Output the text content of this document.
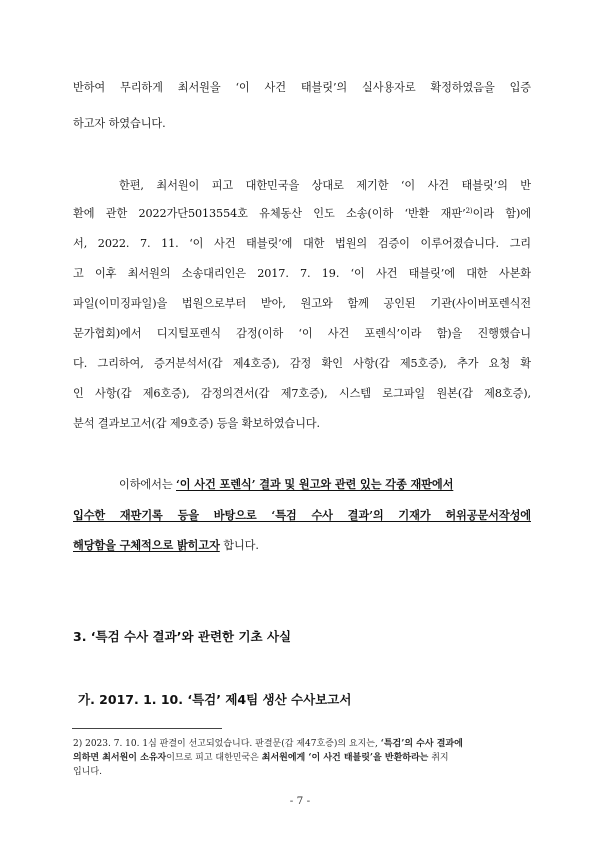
반하여 무리하게 최서원을 ‘이 사건 태블릿’의 실사용자로 확정하였음을 입증
하고자 하였습니다.
한편, 최서원이 피고 대한민국을 상대로 제기한 ‘이 사건 태블릿’의 반
환에 관한 2022가단5013554호 유체동산 인도 소송(이하 ‘반환 재판’$^{2)}$이라 함)에
서, 2022. 7. 11. ‘이 사건 태블릿’에 대한 법원의 검증이 이루어졌습니다. 그리
고 이후 최서원의 소송대리인은 2017. 7. 19. ‘이 사건 태블릿’에 대한 사본화
파일(이미징파일)을 법원으로부터 받아, 원고와 함께 공인된 기관(사이버포렌식전
문가협회)에서 디지털포렌식 감정(이하 ‘이 사건 포렌식’이라 함)을 진행했습니
다. 그리하여, 증거분석서(갑 제4호증), 감정 확인 사항(갑 제5호증), 추가 요청 확
인 사항(갑 제6호증), 감정의견서(갑 제7호증), 시스템 로그파일 원본(갑 제8호증),
분석 결과보고서(갑 제9호증) 등을 확보하였습니다.
이하에서는 ‘이 사건 포렌식’ 결과 및 원고와 관련 있는 각종 재판에서
입수한 재판기록 등을 바탕으로 ‘특검 수사 결과’의 기재가 허위공문서작성에
해당함을 구체적으로 밝히고자 합니다.
3. ‘특검 수사 결과’와 관련한 기초 사실
가. 2017. 1. 10. ‘특검’ 제4팀 생산 수사보고서
2) 2023. 7. 10. 1심 판결이 선고되었습니다. 판결문(갑 제47호증)의 요지는, ‘특검’의 수사 결과에
의하면 최서원이 소유자이므로 피고 대한민국은 최서원에게 ‘이 사건 태블릿’을 반환하라는 취지
입니다.
- 7 -
